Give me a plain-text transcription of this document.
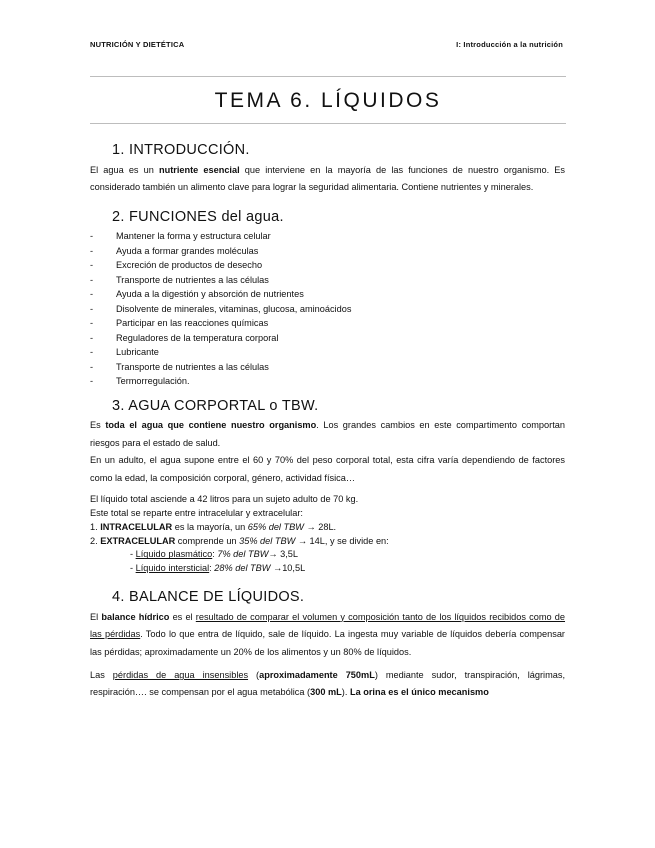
NUTRICIÓN Y DIETÉTICA	I: Introducción a la nutrición
TEMA 6. LÍQUIDOS
1. INTRODUCCIÓN.

El agua es un nutriente esencial que interviene en la mayoría de las funciones de nuestro organismo. Es considerado también un alimento clave para lograr la seguridad alimentaria. Contiene nutrientes y minerales.

2. FUNCIONES del agua.
- Mantener la forma y estructura celular
- Ayuda a formar grandes moléculas
- Excreción de productos de desecho
- Transporte de nutrientes a las células
- Ayuda a la digestión y absorción de nutrientes
- Disolvente de minerales, vitaminas, glucosa, aminoácidos
- Participar en las reacciones químicas
- Reguladores de la temperatura corporal
- Lubricante
- Transporte de nutrientes a las células
- Termorregulación.
3. AGUA CORPORTAL o TBW.

Es toda el agua que contiene nuestro organismo. Los grandes cambios en este compartimento comportan riesgos para el estado de salud.

En un adulto, el agua supone entre el 60 y 70% del peso corporal total, esta cifra varía dependiendo de factores como la edad, la composición corporal, género, actividad física…

El líquido total asciende a 42 litros para un sujeto adulto de 70 kg.

Este total se reparte entre intracelular y extracelular:

1. INTRACELULAR es la mayoría, un 65% del TBW → 28L.

2. EXTRACELULAR comprende un 35% del TBW → 14L, y se divide en:

- Líquido plasmático: 7% del TBW→ 3,5L

- Líquido intersticial: 28% del TBW →10,5L

4. BALANCE DE LÍQUIDOS.

El balance hídrico es el resultado de comparar el volumen y composición tanto de los líquidos recibidos como de las pérdidas. Todo lo que entra de líquido, sale de líquido. La ingesta muy variable de líquidos debería compensar las pérdidas; aproximadamente un 20% de los alimentos y un 80% de líquidos.

Las pérdidas de agua insensibles (aproximadamente 750mL) mediante sudor, transpiración, lágrimas, respiración…. se compensan por el agua metabólica (300 mL). La orina es el único mecanismo
